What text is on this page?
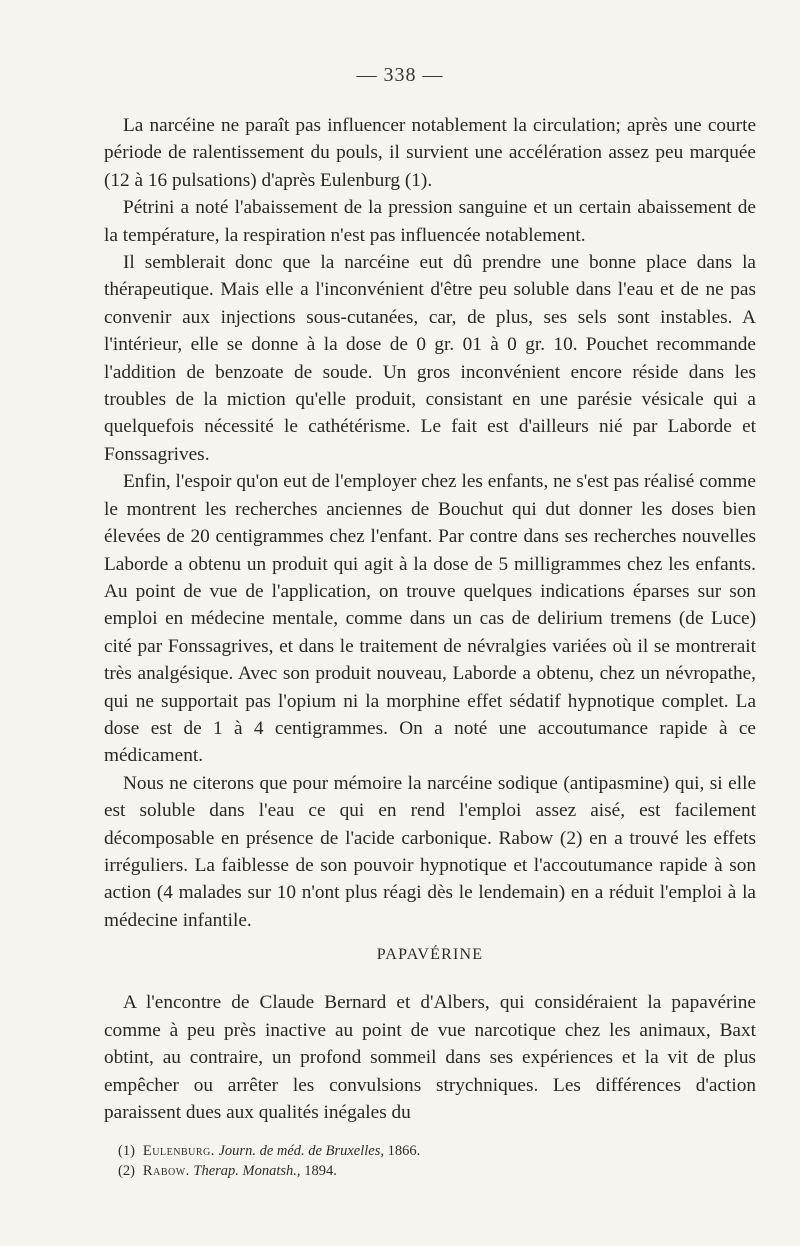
— 338 —

La narcéine ne paraît pas influencer notablement la circulation; après une courte période de ralentissement du pouls, il survient une accélération assez peu marquée (12 à 16 pulsations) d'après Eulenburg (1).

Pétrini a noté l'abaissement de la pression sanguine et un certain abaissement de la température, la respiration n'est pas influencée notablement.

Il semblerait donc que la narcéine eut dû prendre une bonne place dans la thérapeutique. Mais elle a l'inconvénient d'être peu soluble dans l'eau et de ne pas convenir aux injections sous-cutanées, car, de plus, ses sels sont instables. A l'intérieur, elle se donne à la dose de 0 gr. 01 à 0 gr. 10. Pouchet recommande l'addition de benzoate de soude. Un gros inconvénient encore réside dans les troubles de la miction qu'elle produit, consistant en une parésie vésicale qui a quelquefois nécessité le cathétérisme. Le fait est d'ailleurs nié par Laborde et Fonssagrives.

Enfin, l'espoir qu'on eut de l'employer chez les enfants, ne s'est pas réalisé comme le montrent les recherches anciennes de Bouchut qui dut donner les doses bien élevées de 20 centigrammes chez l'enfant. Par contre dans ses recherches nouvelles Laborde a obtenu un produit qui agit à la dose de 5 milligrammes chez les enfants. Au point de vue de l'application, on trouve quelques indications éparses sur son emploi en médecine mentale, comme dans un cas de delirium tremens (de Luce) cité par Fonssagrives, et dans le traitement de névralgies variées où il se montrerait très analgésique. Avec son produit nouveau, Laborde a obtenu, chez un névropathe, qui ne supportait pas l'opium ni la morphine effet sédatif hypnotique complet. La dose est de 1 à 4 centigrammes. On a noté une accoutumance rapide à ce médicament.

Nous ne citerons que pour mémoire la narcéine sodique (antipasmine) qui, si elle est soluble dans l'eau ce qui en rend l'emploi assez aisé, est facilement décomposable en présence de l'acide carbonique. Rabow (2) en a trouvé les effets irréguliers. La faiblesse de son pouvoir hypnotique et l'accoutumance rapide à son action (4 malades sur 10 n'ont plus réagi dès le lendemain) en a réduit l'emploi à la médecine infantile.

PAPAVÉRINE

A l'encontre de Claude Bernard et d'Albers, qui considéraient la papavérine comme à peu près inactive au point de vue narcotique chez les animaux, Baxt obtint, au contraire, un profond sommeil dans ses expériences et la vit de plus empêcher ou arrêter les convulsions strychniques. Les différences d'action paraissent dues aux qualités inégales du

(1) Eulenburg. Journ. de méd. de Bruxelles, 1866.

(2) Rabow. Therap. Monatsh., 1894.
